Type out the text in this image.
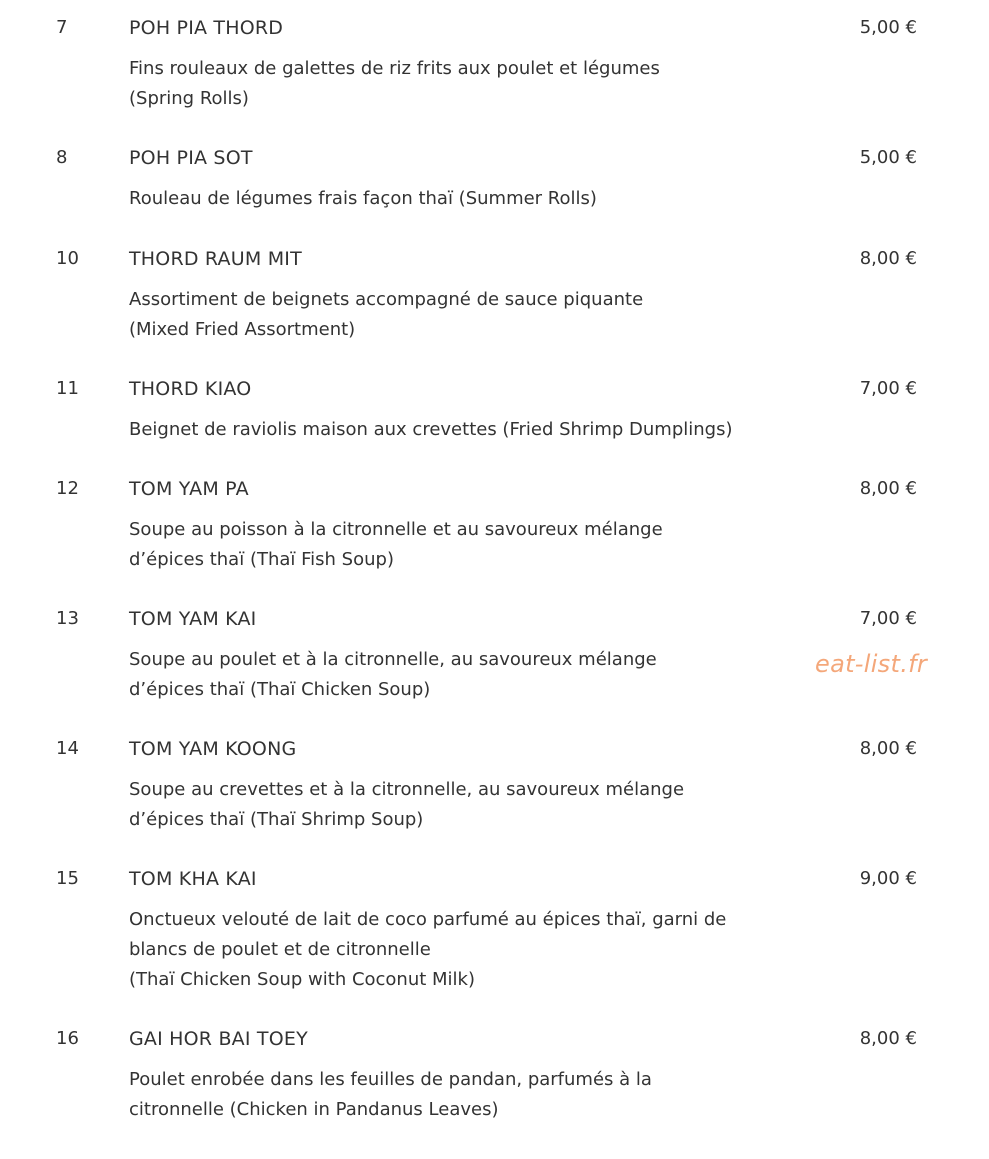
7	POH PIA THORD	5,00 €
Fins rouleaux de galettes de riz frits aux poulet et légumes
(Spring Rolls)
8	POH PIA SOT	5,00 €
Rouleau de légumes frais façon thaï (Summer Rolls)
10	THORD RAUM MIT	8,00 €
Assortiment de beignets accompagné de sauce piquante
(Mixed Fried Assortment)
11	THORD KIAO	7,00 €
Beignet de raviolis maison aux crevettes (Fried Shrimp Dumplings)
12	TOM YAM PA	8,00 €
Soupe au poisson à la citronnelle et au savoureux mélange
d’épices thaï (Thaï Fish Soup)
13	TOM YAM KAI	7,00 €
Soupe au poulet et à la citronnelle, au savoureux mélange
d’épices thaï (Thaï Chicken Soup)
14	TOM YAM KOONG	8,00 €
Soupe au crevettes et à la citronnelle, au savoureux mélange
d’épices thaï (Thaï Shrimp Soup)
15	TOM KHA KAI	9,00 €
Onctueux velouté de lait de coco parfumé au épices thaï, garni de
blancs de poulet et de citronnelle
(Thaï Chicken Soup with Coconut Milk)
16	GAI HOR BAI TOEY	8,00 €
Poulet enrobée dans les feuilles de pandan, parfumés à la
citronnelle (Chicken in Pandanus Leaves)
eat-list.fr
